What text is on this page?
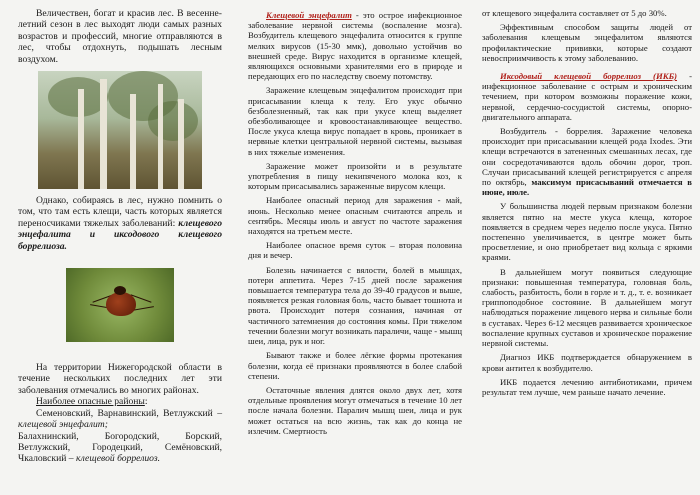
Величествен, богат и красив лес. В весенне-летний сезон в лес выходят люди самых разных возрастов и профессий, многие отправляются в лес, чтобы отдохнуть, подышать лесным воздухом.

Однако, собираясь в лес, нужно помнить о том, что там есть клещи, часть которых является переносчиками тяжелых заболеваний: клещевого энцефалита и иксодового клещевого боррелиоза.

На территории Нижегородской области в течение нескольких последних лет эти заболевания отмечались во многих районах.

Наиболее опасные районы:

Семеновский, Варнавинский, Ветлужский – клещевой энцефалит;

Балахнинский, Богородский, Борский, Ветлужский, Городецкий, Семёновский, Чкаловский – клещевой боррелиоз.

Клещевой энцефалит - это острое инфекционное заболевание нервной системы (воспаление мозга). Возбудитель клещевого энцефалита относится к группе мелких вирусов (15-30 ммк), довольно устойчив во внешней среде. Вирус находится в организме клещей, являющихся основными хранителями его в природе и передающих его по наследству своему потомству.

Заражение клещевым энцефалитом происходит при присасывании клеща к телу. Его укус обычно безболезненный, так как при укусе клещ выделяет обезболивающее и кровоостанавливающее вещество. После укуса клеща вирус попадает в кровь, проникает в нервные клетки центральной нервной системы, вызывая в них тяжелые изменения.

Заражение может произойти и в результате употребления в пищу некипяченого молока коз, к которым присасывались зараженные вирусом клещи.

Наиболее опасный период для заражения - май, июнь. Несколько менее опасным считаются апрель и сентябрь. Месяцы июль и август по частоте заражения находятся на третьем месте.

Наиболее опасное время суток – вторая половина дня и вечер.

Болезнь начинается с вялости, болей в мышцах, потери аппетита. Через 7-15 дней после заражения повышается температура тела до 39-40 градусов и выше, появляется резкая головная боль, часто бывает тошнота и рвота. Происходит потеря сознания, начиная от частичного затемнения до состояния комы. При тяжелом течении болезни могут возникать параличи, чаще - мышц шеи, лица, рук и ног.

Бывают также и более лёгкие формы протекания болезни, когда её признаки проявляются в более слабой степени.

Остаточные явления длятся около двух лет, хотя отдельные проявления могут отмечаться в течение 10 лет после начала болезни. Паралич мышц шеи, лица и рук может остаться на всю жизнь, так как до конца не излечим. Смертность

от клещевого энцефалита составляет от 5 до 30%.

Эффективным способом защиты людей от заболевания клещевым энцефалитом являются профилактические прививки, которые создают невосприимчивость к этому заболеванию.

Иксодовый клещевой боррелиоз (ИКБ) - инфекционное заболевание с острым и хроническим течением, при котором возможны поражение кожи, нервной, сердечно-сосудистой системы, опорно-двигательного аппарата.

Возбудитель - боррелия. Заражение человека происходит при присасывании клещей рода Ixodes. Эти клещи встречаются в затененных смешанных лесах, где они сосредотачиваются вдоль обочин дорог, троп. Случаи присасываний клещей регистрируется с апреля по октябрь, максимум присасываний отмечается в июне, июле.

У большинства людей первым признаком болезни является пятно на месте укуса клеща, которое появляется в среднем через неделю после укуса. Пятно постепенно увеличивается, в центре может быть просветление, и оно приобретает вид кольца с яркими краями.

В дальнейшем могут появиться следующие признаки: повышенная температура, головная боль, слабость, разбитость, боли в горле и т. д., т. е. возникает гриппоподобное состояние. В дальнейшем могут наблюдаться поражение лицевого нерва и сильные боли в суставах. Через 6-12 месяцев развивается хроническое воспаление крупных суставов и хроническое поражение нервной системы.

Диагноз ИКБ подтверждается обнаружением в крови антител к возбудителю.

ИКБ подается лечению антибиотиками, причем результат тем лучше, чем раньше начато лечение.
